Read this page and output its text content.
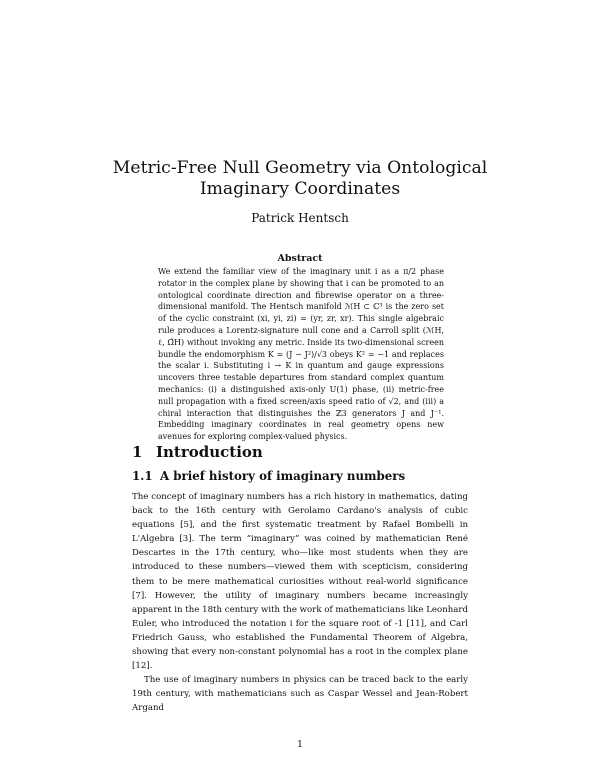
Metric-Free Null Geometry via Ontological
Imaginary Coordinates
Patrick Hentsch
Abstract

We extend the familiar view of the imaginary unit i as a π/2 phase rotator in the complex plane by showing that i can be promoted to an ontological coordinate direction and fibrewise operator on a three-dimensional manifold. The Hentsch manifold ℳH ⊂ ℂ³ is the zero set of the cyclic constraint (xi, yi, zi) = (yr, zr, xr). This single algebraic rule produces a Lorentz-signature null cone and a Carroll split (ℳH, ℓ, Ω̃H) without invoking any metric. Inside its two-dimensional screen bundle the endomorphism K = (J − J²)/√3 obeys K² = −1 and replaces the scalar i. Substituting i → K in quantum and gauge expressions uncovers three testable departures from standard complex quantum mechanics: (i) a distinguished axis-only U(1) phase, (ii) metric-free null propagation with a fixed screen/axis speed ratio of √2, and (iii) a chiral interaction that distinguishes the ℤ3 generators J and J⁻¹. Embedding imaginary coordinates in real geometry opens new avenues for exploring complex-valued physics.

1 Introduction
1.1 A brief history of imaginary numbers

The concept of imaginary numbers has a rich history in mathematics, dating back to the 16th century with Gerolamo Cardano's analysis of cubic equations [5], and the first systematic treatment by Rafael Bombelli in L'Algebra [3]. The term “imaginary” was coined by mathematician René Descartes in the 17th century, who—like most students when they are introduced to these numbers—viewed them with scepticism, considering them to be mere mathematical curiosities without real-world significance [7]. However, the utility of imaginary numbers became increasingly apparent in the 18th century with the work of mathematicians like Leonhard Euler, who introduced the notation i for the square root of -1 [11], and Carl Friedrich Gauss, who established the Fundamental Theorem of Algebra, showing that every non-constant polynomial has a root in the complex plane [12].

The use of imaginary numbers in physics can be traced back to the early 19th century, with mathematicians such as Caspar Wessel and Jean-Robert Argand

1
